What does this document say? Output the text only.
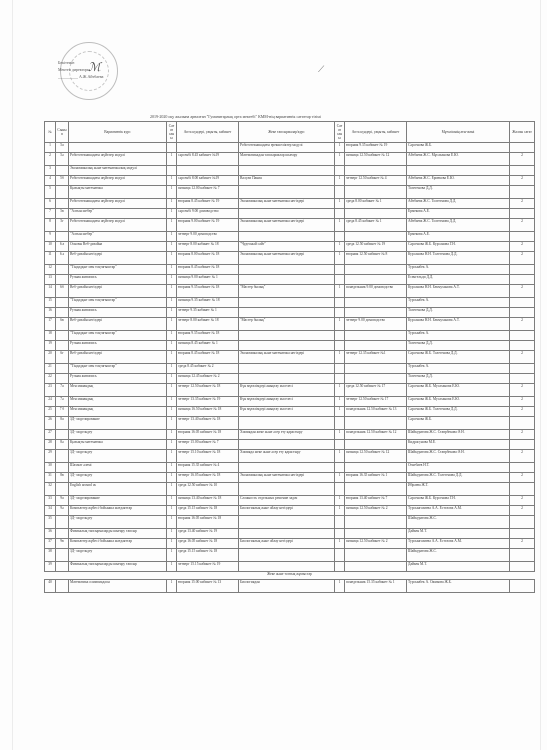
ℳ	⟋
Бекітемін
Мектеп директоры
__________ А.Ж.Айтбаева
2019-2020 оқу жылына арналған "Гуманитарлық орта мектебі" КММ-нің вариативтік сағаттар тізімі
№	Сынып	Вариативтік курс	Сағат саны	Апта күндері, уақыты, кабинет	Жеке тапсырмалар/курс	Сағат саны	Апта күндері, уақыты, кабинет	Мұғалімнің аты-жөні	Жалпы сағат
1	5а				Робототехникадағы ерекшеліктер модулі	1	вторник 9.35 кабинет № 19	Сəрсенова Ж.Б.	
2	5ә	Робототехникадағы жүйелер модулі	1	сəрсенбі 8.45 кабинет №19	Математикадан тапсырмалар шығару	1	пятница 12.50 кабинет № 12	Айтбаева Ж.С. Мұсаханова Е.Ю.	2
3		Экономикалық және математикалық модулі							
4	5б	Робототехникадағы жүйелер модулі	1	сəрсенбі 8.00 кабинет №19	Валули Пания	1	четверг 12.50 кабинет № 4	Айтбаева Ж.С. Ермекова Е.Ю.	2
5		Қызықты математика	1	пятница 12.00 кабинет № 7				Толегенова Д.Д.	
6		Робототехникадағы жүйелер модулі	1	вторник 8.45 кабинет № 19	Экономикалық және математика негіздері	1	среда 8.00 кабинет № 1	Айтбаева Ж.С. Толегенова Д.Д.	2
7	5в	"Алтын шебер"	1	сəрсенбі 9.00 домоводство				Ермекова А.Е.	
8	5г	Робототехникадағы жүйелер модулі	1	вторник 9.00 кабинет № 19	Экономикалық және математика негіздері	1	среда 8.45 кабинет № 1	Айтбаева Ж.С. Толегенова Д.Д.	2
9		"Алтын шебер"	1	четверг 9.00 домоводство				Ермекова А.Е.	
10	6 а	Основы Веб-дизайна	1	четверг 8.00 кабинет № 18	"Чудесный сайт"	1	среда 12.50 кабинет № 19	Сəрсенова Ж.Б. Курсанова Г.Н.	2
11	6 ә	Веб-дизайн негіздері	1	вторник 8.00 кабинет № 18	Экономикалық және математика негіздері	1	вторник 12.50 кабинет № 8	Курсанова Н.Н. Толегенова Д.Д.	2
12		"Тіндадқыт мен тоқтағыштар"	1	вторник 8.45 кабинет № 18				Турсынбек А.	
13		Ручная живопись	1	пятница 9.00 кабинет № 1				Есенгельди Д.Д.	
14	6б	Веб-дизайн негіздері	1	вторник 9.35 кабинет № 18	"Мастер былық"	1	понедельник 9.00 домоводство	Курсанова Н.Н. Бекмуханова А.Т.	2
15		"Тіндадқыт мен тоқтағыштар"	1	пятница 9.35 кабинет № 18				Турсынбек А.	
16		Ручная живопись	1	четверг 9.35 кабинет № 1				Толегенова Д.Д.	
17	6в	Веб-дизайн негіздері	1	четверг 8.00 кабинет № 18	"Мастер былық"	1	четверг 9.00 домоводство	Курсанова Н.Н. Бекмуханова А.Т.	2
18		"Тіндадқыт мен тоқтағыштар"	1	вторник 9.35 кабинет № 18				Турсынбек А.	
19		Ручная живопись	1	пятница 8.45 кабинет № 1				Толегенова Д.Д.	
20	6г	Веб-дизайн негіздері	1	вторник 8.45 кабинет № 18	Экономикалық және математика негіздері	1	четверг 12.35 кабинет №1	Сəрсенова Ж.Б. Толегенова Д.Д.	2
21		"Тіндадқыт мен тоқтағыштар"	1	среда 8.45 кабинет № 2				Турсынбек А.	
22		Ручная живопись	1	пятница 12.45 кабинет № 2				Толегенова Д.Д.	
23	7а	Мен мамандық	1	четверг 12.50 кабинет № 18	Күн мұғалімдері анықтау мәселесі	1	среда 12.50 кабинет № 17	Сəрсенова Ж.Б. Мусаханова Е.Ю.	2
24	7ә	Мен мамандық	1	четверг 13.35 кабинет № 19	Күн мұғалімдері анықтау мәселесі	1	четверг 12.50 кабинет № 17	Сəрсенова Ж.Б. Мусаханова Е.Ю.	2
25	7 б	Мен мамандық	1	пятница 16.50 кабинет № 18	Күн мұғалімдері анықтау мәселесі	1	понедельник 12.50 кабинет № 13	Сəрсенова Ж.Б. Толегенова Д.Д.	2
26	8а	3Д- моделирование	1	четверг 13.40 кабинет № 18				Сəрсенова Ж.Б.	
27		3Д- модельдеу	1	вторник 16.05 кабинет № 18	Химиядан жеке жəне әсер ету қарастыру	1	понедельник 12.50 кабинет № 12	Шайкуратова Ж.С. Ставрбекова Ә.Н.	2
28	8ә	Қызықты математика	1	четверг 15.00 кабинет № 7				Кидрасунова М.Е.	
29		3Д- модельдеу	1	четверг 15.10 кабинет № 18	Химияда жеке жəне әсер ету қарастыру	1	пятница 12.50 кабинет № 12	Шайкуратова Ж.С. Ставрбекова Ә.Н.	2
30		Шахмат әлемі	1	вторник 15.35 кабинет № 4				Огнебаев Н.Т.	
31	8в	3Д- модельдеу	1	четверг 16.05 кабинет № 18	Экономикалық және математика негіздері	1	вторник 16.35 кабинет № 1	Шайкуратова Ж.С. Толегенова Д.Д.	2
32		English around us	1	среда 12.50 кабинет № 10				Ибраева Ж.Т.	
33	9а	3Д- моделирование	1	пятница 13.40 кабинет № 18	Сложность отдельных решение задач	1	вторник 13.40 кабинет № 7	Сəрсенова Ж.Б. Курсенова Г.Н.	2
34	9ә	Компьютер жүйесі бойынша жағдаяттар	1	среда 15.15 кабинет № 18	Биологиялық және ойлау негіздері	1	пятница 12.50 кабинет № 2	Турсынгазиева А.А. Естелова А.М.	2
35		3Д- модельдеу	1	вторник 16.05 кабинет № 18				Шайкуратова Ж.С.	
36		Физикалық тапсырмаларды шығару тапсыр	1	среда 13.40 кабинет № 19				Дайкен М.Т.	
37	9в	Компьютер жүйесі бойынша жағдаяттар	1	среда 16.05 кабинет № 18	Биологиялық және ойлау негіздері	1	пятница 12.50 кабинет № 2	Турсынгазиева А.А. Естелова А.М.	2
38		3Д- модельдеу	1	среда 15.15 кабинет № 18				Шайкуратова Ж.С.	
39		Физикалық тапсырмаларды шығару тапсыр	1	четверг 15.15 кабинет № 19				Дайкен М.Т.	
Жеке және топтық жұмыстар									
40		Математика олимпиадасы	1	вторник 15.00 кабинет № 13	Биологиядан	1	понедельник 15.35 кабинет № 1	Турсынбек А. Ожикова Ж.Б.	
